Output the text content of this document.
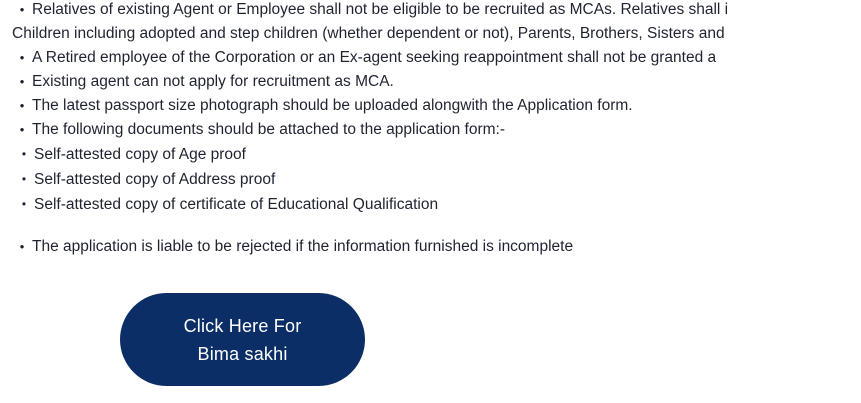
• Relatives of existing Agent or Employee shall not be eligible to be recruited as MCAs. Relatives shall i
Children including adopted and step children (whether dependent or not), Parents, Brothers, Sisters and
• A Retired employee of the Corporation or an Ex-agent seeking reappointment shall not be granted a
• Existing agent can not apply for recruitment as MCA.
• The latest passport size photograph should be uploaded alongwith the Application form.
• The following documents should be attached to the application form:-
• Self-attested copy of Age proof
• Self-attested copy of Address proof
• Self-attested copy of certificate of Educational Qualification
• The application is liable to be rejected if the information furnished is incomplete
Click Here For
Bima sakhi
